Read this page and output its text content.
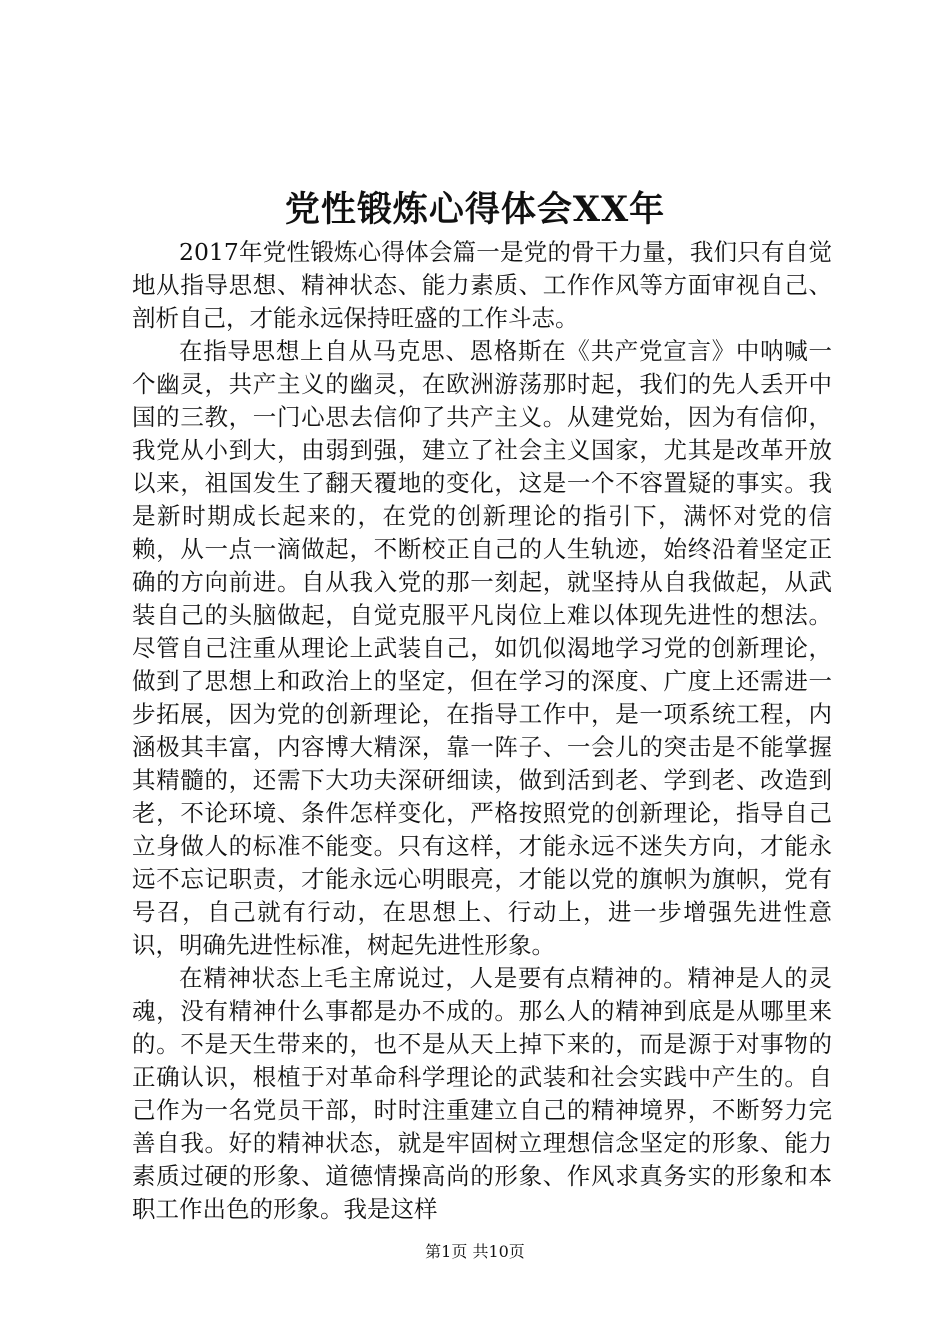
党性锻炼心得体会XX年

2017年党性锻炼心得体会篇一是党的骨干力量，我们只有自觉地从指导思想、精神状态、能力素质、工作作风等方面审视自己、剖析自己，才能永远保持旺盛的工作斗志。

在指导思想上自从马克思、恩格斯在《共产党宣言》中呐喊一个幽灵，共产主义的幽灵，在欧洲游荡那时起，我们的先人丢开中国的三教，一门心思去信仰了共产主义。从建党始，因为有信仰，我党从小到大，由弱到强，建立了社会主义国家，尤其是改革开放以来，祖国发生了翻天覆地的变化，这是一个不容置疑的事实。我是新时期成长起来的，在党的创新理论的指引下，满怀对党的信赖，从一点一滴做起，不断校正自己的人生轨迹，始终沿着坚定正确的方向前进。自从我入党的那一刻起，就坚持从自我做起，从武装自己的头脑做起，自觉克服平凡岗位上难以体现先进性的想法。尽管自己注重从理论上武装自己，如饥似渴地学习党的创新理论，做到了思想上和政治上的坚定，但在学习的深度、广度上还需进一步拓展，因为党的创新理论，在指导工作中，是一项系统工程，内涵极其丰富，内容博大精深，靠一阵子、一会儿的突击是不能掌握其精髓的，还需下大功夫深研细读，做到活到老、学到老、改造到老，不论环境、条件怎样变化，严格按照党的创新理论，指导自己立身做人的标准不能变。只有这样，才能永远不迷失方向，才能永远不忘记职责，才能永远心明眼亮，才能以党的旗帜为旗帜，党有号召，自己就有行动，在思想上、行动上，进一步增强先进性意识，明确先进性标准，树起先进性形象。

在精神状态上毛主席说过，人是要有点精神的。精神是人的灵魂，没有精神什么事都是办不成的。那么人的精神到底是从哪里来的。不是天生带来的，也不是从天上掉下来的，而是源于对事物的正确认识，根植于对革命科学理论的武装和社会实践中产生的。自己作为一名党员干部，时时注重建立自己的精神境界，不断努力完善自我。好的精神状态，就是牢固树立理想信念坚定的形象、能力素质过硬的形象、道德情操高尚的形象、作风求真务实的形象和本职工作出色的形象。我是这样

第1页 共10页
